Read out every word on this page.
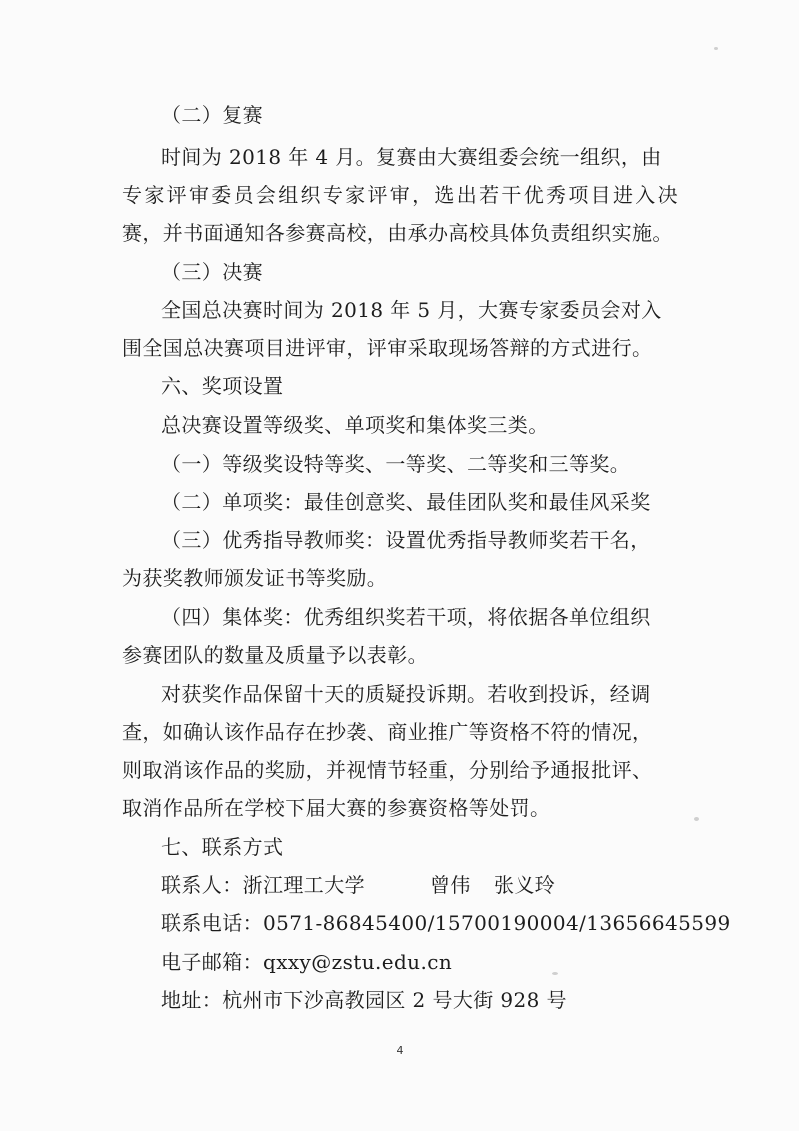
（二）复赛
时间为 2018 年 4 月。复赛由大赛组委会统一组织，由
专家评审委员会组织专家评审，选出若干优秀项目进入决
赛，并书面通知各参赛高校，由承办高校具体负责组织实施。
（三）决赛
全国总决赛时间为 2018 年 5 月，大赛专家委员会对入
围全国总决赛项目进评审，评审采取现场答辩的方式进行。
六、奖项设置
总决赛设置等级奖、单项奖和集体奖三类。
（一）等级奖设特等奖、一等奖、二等奖和三等奖。
（二）单项奖：最佳创意奖、最佳团队奖和最佳风采奖
（三）优秀指导教师奖：设置优秀指导教师奖若干名，
为获奖教师颁发证书等奖励。
（四）集体奖：优秀组织奖若干项，将依据各单位组织
参赛团队的数量及质量予以表彰。
对获奖作品保留十天的质疑投诉期。若收到投诉，经调
查，如确认该作品存在抄袭、商业推广等资格不符的情况，
则取消该作品的奖励，并视情节轻重，分别给予通报批评、
取消作品所在学校下届大赛的参赛资格等处罚。
七、联系方式
联系人：浙江理工大学	曾伟 张义玲
联系电话：0571-86845400/15700190004/13656645599
电子邮箱：qxxy@zstu.edu.cn
地址：杭州市下沙高教园区 2 号大街 928 号
4
